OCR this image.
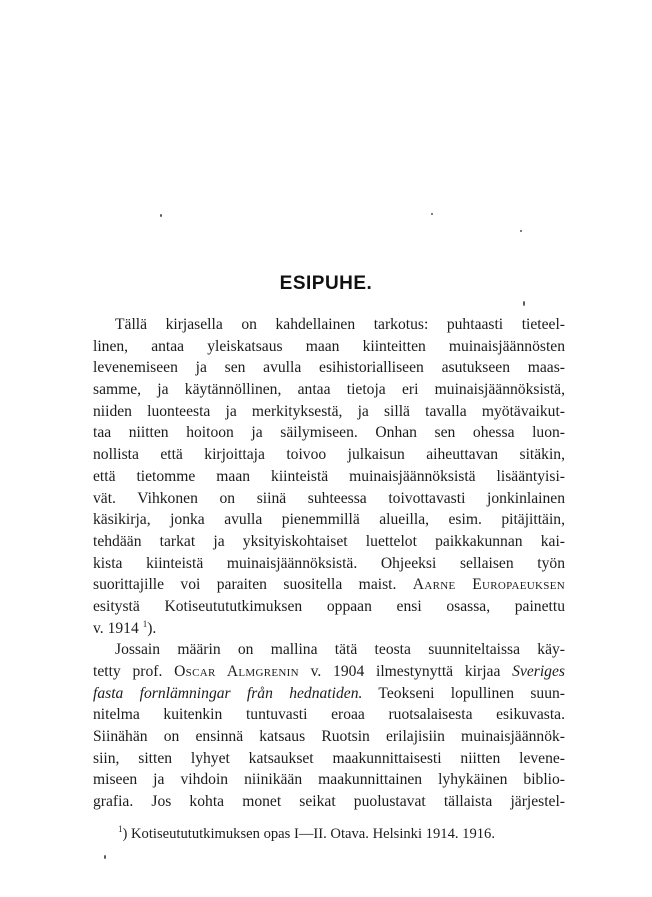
ESIPUHE.
Tällä kirjasella on kahdellainen tarkotus: puhtaasti tieteel-
linen, antaa yleiskatsaus maan kiinteitten muinaisjäännösten
levenemiseen ja sen avulla esihistorialliseen asutukseen maas-
samme, ja käytännöllinen, antaa tietoja eri muinaisjäännöksistä,
niiden luonteesta ja merkityksestä, ja sillä tavalla myötävaikut-
taa niitten hoitoon ja säilymiseen. Onhan sen ohessa luon-
nollista että kirjoittaja toivoo julkaisun aiheuttavan sitäkin,
että tietomme maan kiinteistä muinaisjäännöksistä lisääntyisi-
vät. Vihkonen on siinä suhteessa toivottavasti jonkinlainen
käsikirja, jonka avulla pienemmillä alueilla, esim. pitäjittäin,
tehdään tarkat ja yksityiskohtaiset luettelot paikkakunnan kai-
kista kiinteistä muinaisjäännöksistä. Ohjeeksi sellaisen työn
suorittajille voi paraiten suositella maist. Aarne Europaeuksen
esitystä Kotiseutututkimuksen oppaan ensi osassa, painettu
v. 1914 $^1$).
Jossain määrin on mallina tätä teosta suunniteltaissa käy-
tetty prof. Oscar Almgrenin v. 1904 ilmestynyttä kirjaa Sveriges
fasta fornlämningar från hednatiden. Teokseni lopullinen suun-
nitelma kuitenkin tuntuvasti eroaa ruotsalaisesta esikuvasta.
Siinähän on ensinnä katsaus Ruotsin erilajisiin muinaisjäännök-
siin, sitten lyhyet katsaukset maakunnittaisesti niitten levene-
miseen ja vihdoin niinikään maakunnittainen lyhykäinen biblio-
grafia. Jos kohta monet seikat puolustavat tällaista järjestel-
$^1$) Kotiseutututkimuksen opas I—II. Otava. Helsinki 1914. 1916.
